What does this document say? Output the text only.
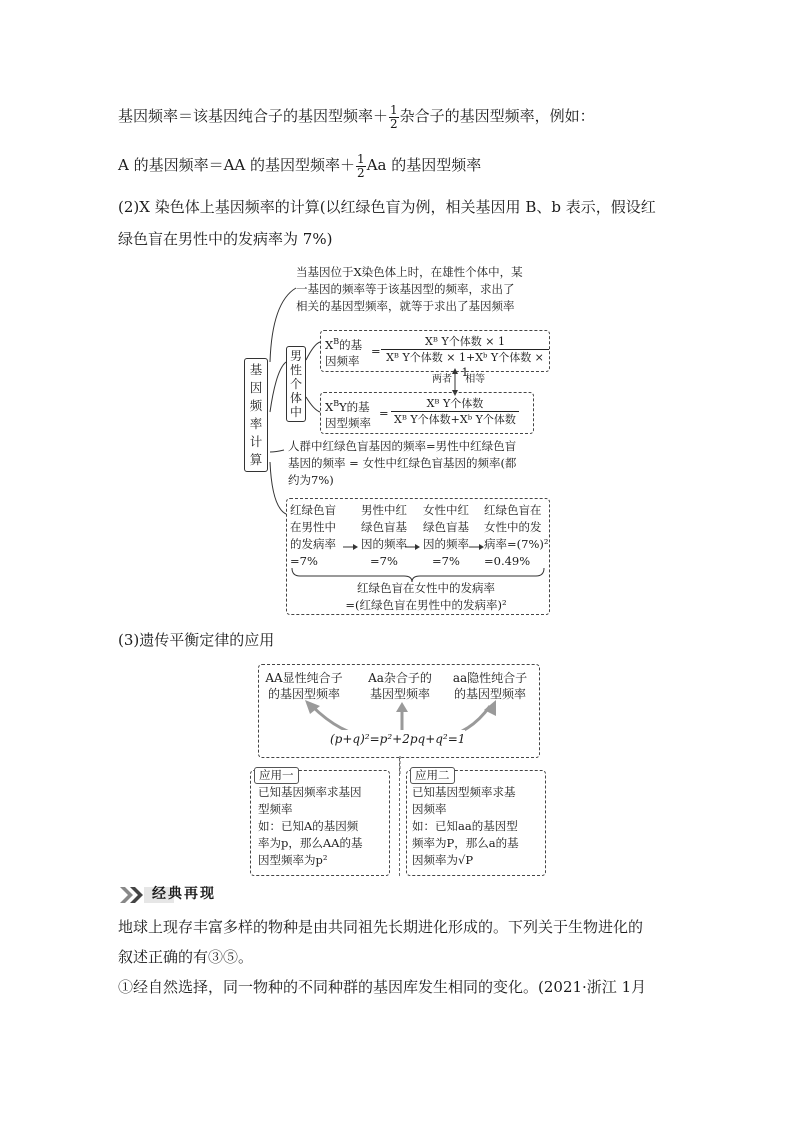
基因频率＝该基因纯合子的基因型频率＋ $\frac{1}{2}$ 杂合子的基因型频率，例如：
A 的基因频率＝AA 的基因型频率＋ $\frac{1}{2}$ Aa 的基因型频率
(2)X 染色体上基因频率的计算(以红绿色盲为例，相关基因用 B、b 表示，假设红
绿色盲在男性中的发病率为 7%)
基
因
频
率
计
算
当基因位于X染色体上时，在雄性个体中，某
一基因的频率等于该基因型的频率，求出了
相关的基因型频率，就等于求出了基因频率
男
性
个
体
中
$X^B$的基
因频率
=
Xᴮ Y个体数 × 1
Xᴮ Y个体数 × 1+Xᵇ Y个体数 × 1
两者 相等
$X^BY$的基
因型频率
=
Xᴮ Y个体数
Xᴮ Y个体数+Xᵇ Y个体数
人群中红绿色盲基因的频率=男性中红绿色盲
基因的频率 = 女性中红绿色盲基因的频率(都
约为7%)
红绿色盲
在男性中
的发病率
=7%
男性中红
绿色盲基
因的频率
=7%
女性中红
绿色盲基
因的频率
=7%
红绿色盲在
女性中的发
病率=(7%)²
=0.49%
红绿色盲在女性中的发病率
=(红绿色盲在男性中的发病率)²
(3)遗传平衡定律的应用
AA显性纯合子
的基因型频率
Aa杂合子的
基因型频率
aa隐性纯合子
的基因型频率
(p+q)²=p²+2pq+q²=1
应用一
已知基因频率求基因
型频率
如：已知A的基因频
率为p，那么AA的基
因型频率为p²
应用二
已知基因型频率求基
因频率
如：已知aa的基因型
频率为P，那么a的基
因频率为√P
经典再现
地球上现存丰富多样的物种是由共同祖先长期进化形成的。下列关于生物进化的
叙述正确的有③⑤。
①经自然选择，同一物种的不同种群的基因库发生相同的变化。(2021·浙江 1月
